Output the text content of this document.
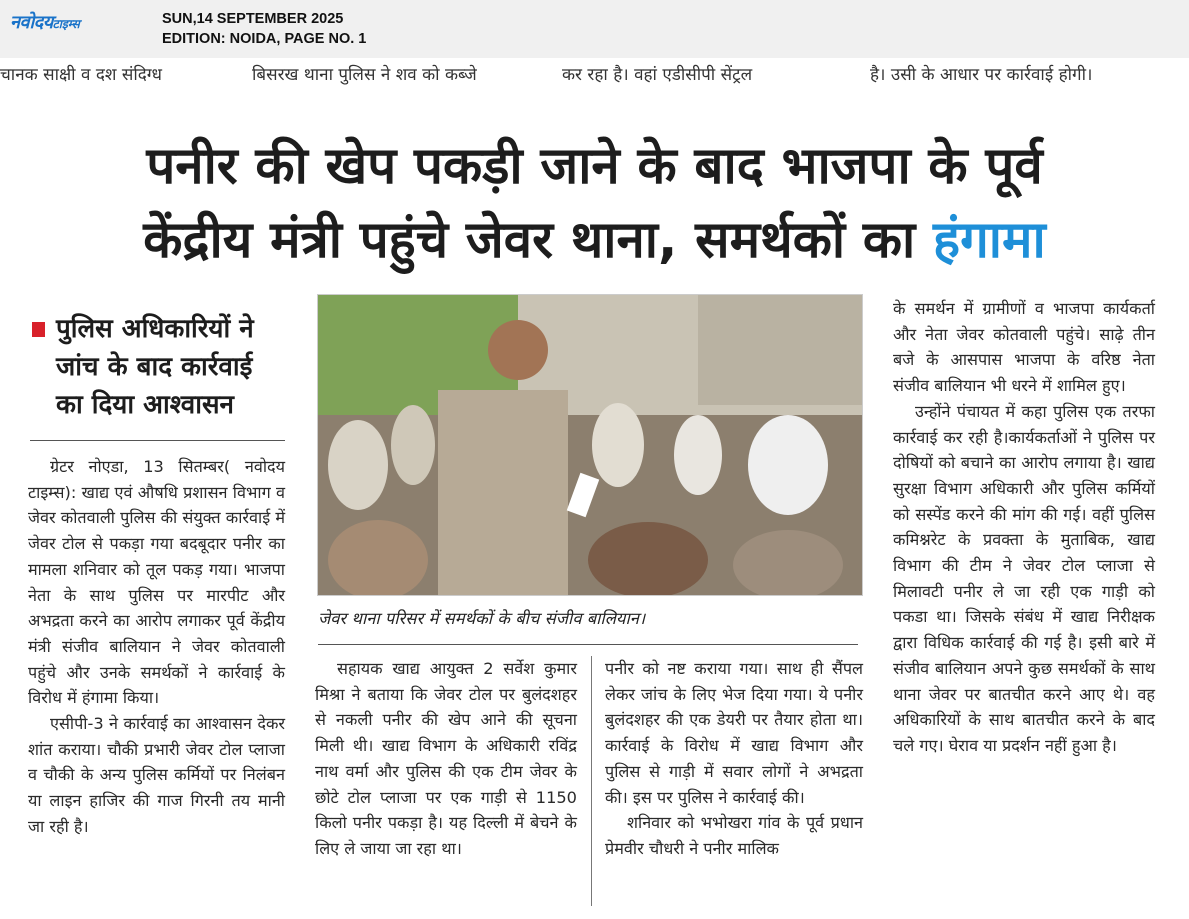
नवोदयटाइम्स	SUN,14 SEPTEMBER 2025
EDITION: NOIDA, PAGE NO. 1
चानक साक्षी व दश संदिग्ध	बिसरख थाना पुलिस ने शव को कब्जे	कर रहा है। वहां एडीसीपी सेंट्रल	है। उसी के आधार पर कार्रवाई होगी।
पनीर की खेप पकड़ी जाने के बाद भाजपा के पूर्व
केंद्रीय मंत्री पहुंचे जेवर थाना, समर्थकों का हंगामा
पुलिस अधिकारियों ने जांच के बाद कार्रवाई का दिया आश्वासन

ग्रेटर नोएडा, 13 सितम्बर( नवोदय टाइम्स): खाद्य एवं औषधि प्रशासन विभाग व जेवर कोतवाली पुलिस की संयुक्त कार्रवाई में जेवर टोल से पकड़ा गया बदबूदार पनीर का मामला शनिवार को तूल पकड़ गया। भाजपा नेता के साथ पुलिस पर मारपीट और अभद्रता करने का आरोप लगाकर पूर्व केंद्रीय मंत्री संजीव बालियान ने जेवर कोतवाली पहुंचे और उनके समर्थकों ने कार्रवाई के विरोध में हंगामा किया।

एसीपी-3 ने कार्रवाई का आश्वासन देकर शांत कराया। चौकी प्रभारी जेवर टोल प्लाजा व चौकी के अन्य पुलिस कर्मियों पर निलंबन या लाइन हाजिर की गाज गिरनी तय मानी जा रही है।

जेवर थाना परिसर में समर्थकों के बीच संजीव बालियान।

सहायक खाद्य आयुक्त 2 सर्वेश कुमार मिश्रा ने बताया कि जेवर टोल पर बुलंदशहर से नकली पनीर की खेप आने की सूचना मिली थी। खाद्य विभाग के अधिकारी रविंद्र नाथ वर्मा और पुलिस की एक टीम जेवर के छोटे टोल प्लाजा पर एक गाड़ी से 1150 किलो पनीर पकड़ा है। यह दिल्ली में बेचने के लिए ले जाया जा रहा था।

पनीर को नष्ट कराया गया। साथ ही सैंपल लेकर जांच के लिए भेज दिया गया। ये पनीर बुलंदशहर की एक डेयरी पर तैयार होता था। कार्रवाई के विरोध में खाद्य विभाग और पुलिस से गाड़ी में सवार लोगों ने अभद्रता की। इस पर पुलिस ने कार्रवाई की।

शनिवार को भभोखरा गांव के पूर्व प्रधान प्रेमवीर चौधरी ने पनीर मालिक

के समर्थन में ग्रामीणों व भाजपा कार्यकर्ता और नेता जेवर कोतवाली पहुंचे। साढ़े तीन बजे के आसपास भाजपा के वरिष्ठ नेता संजीव बालियान भी धरने में शामिल हुए।

उन्होंने पंचायत में कहा पुलिस एक तरफा कार्रवाई कर रही है।कार्यकर्ताओं ने पुलिस पर दोषियों को बचाने का आरोप लगाया है। खाद्य सुरक्षा विभाग अधिकारी और पुलिस कर्मियों को सस्पेंड करने की मांग की गई। वहीं पुलिस कमिश्नरेट के प्रवक्ता के मुताबिक, खाद्य विभाग की टीम ने जेवर टोल प्लाजा से मिलावटी पनीर ले जा रही एक गाड़ी को पकडा था। जिसके संबंध में खाद्य निरीक्षक द्वारा विधिक कार्रवाई की गई है। इसी बारे में संजीव बालियान अपने कुछ समर्थकों के साथ थाना जेवर पर बातचीत करने आए थे। वह अधिकारियों के साथ बातचीत करने के बाद चले गए। घेराव या प्रदर्शन नहीं हुआ है।
